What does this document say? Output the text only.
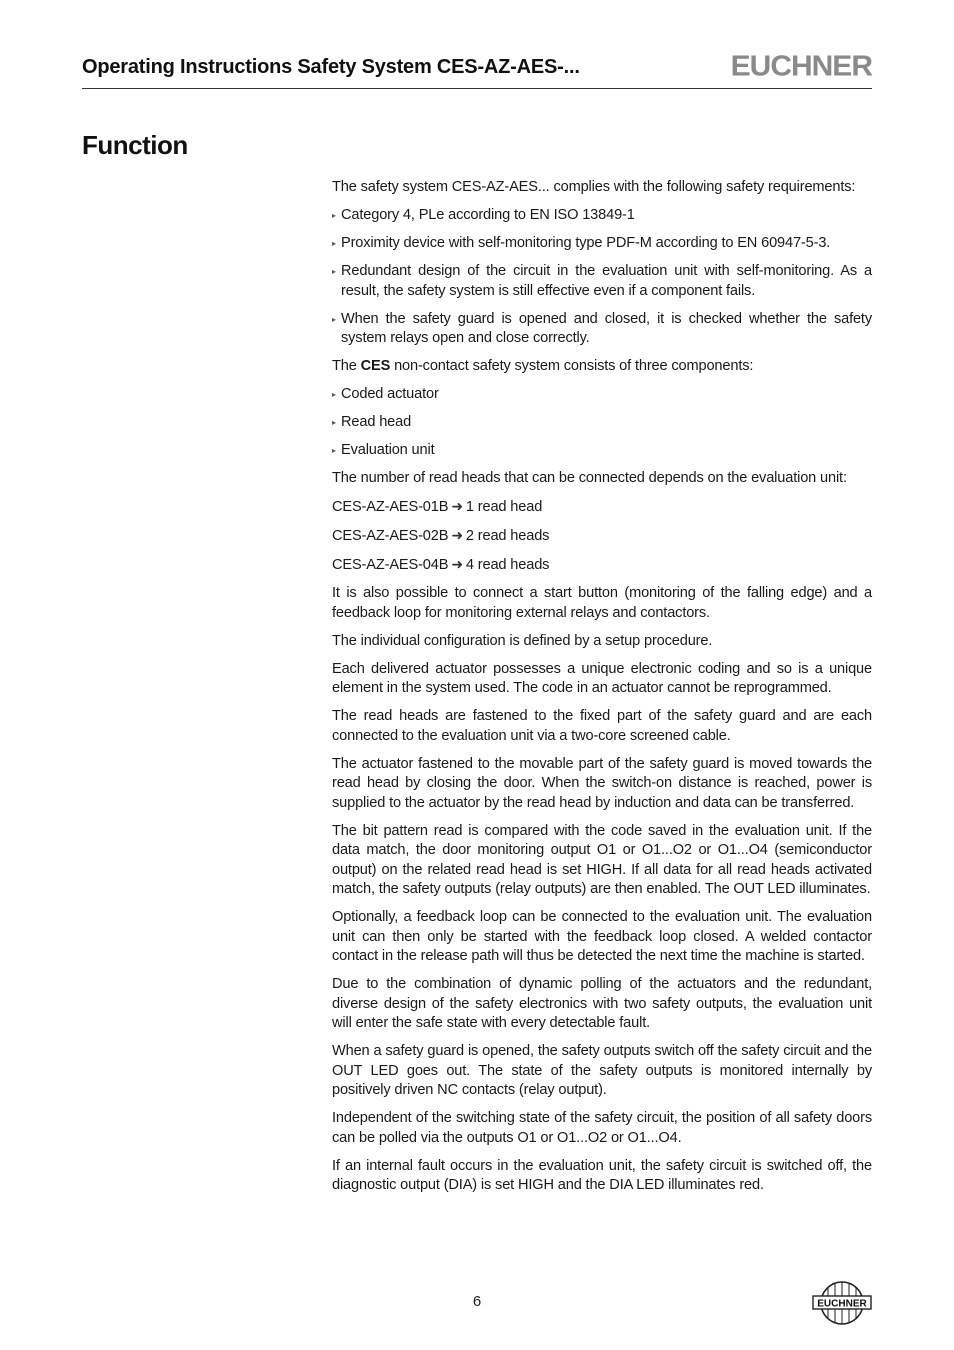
Operating Instructions Safety System CES-AZ-AES-...	EUCHNER
Function

The safety system CES-AZ-AES... complies with the following safety requirements:

▸ Category 4, PLe according to EN ISO 13849-1
▸ Proximity device with self-monitoring type PDF-M according to EN 60947-5-3.
▸ Redundant design of the circuit in the evaluation unit with self-monitoring. As a result, the safety system is still effective even if a component fails.
▸ When the safety guard is opened and closed, it is checked whether the safety system relays open and close correctly.

The CES non-contact safety system consists of three components:

▸ Coded actuator
▸ Read head
▸ Evaluation unit

The number of read heads that can be connected depends on the evaluation unit:

CES-AZ-AES-01B ➜ 1 read head
CES-AZ-AES-02B ➜ 2 read heads
CES-AZ-AES-04B ➜ 4 read heads

It is also possible to connect a start button (monitoring of the falling edge) and a feedback loop for monitoring external relays and contactors.

The individual configuration is defined by a setup procedure.

Each delivered actuator possesses a unique electronic coding and so is a unique element in the system used. The code in an actuator cannot be reprogrammed.

The read heads are fastened to the fixed part of the safety guard and are each connected to the evaluation unit via a two-core screened cable.

The actuator fastened to the movable part of the safety guard is moved towards the read head by closing the door. When the switch-on distance is reached, power is supplied to the actuator by the read head by induction and data can be transferred.

The bit pattern read is compared with the code saved in the evaluation unit. If the data match, the door monitoring output O1 or O1...O2 or O1...O4 (semiconductor output) on the related read head is set HIGH. If all data for all read heads activated match, the safety outputs (relay outputs) are then enabled. The OUT LED illuminates.

Optionally, a feedback loop can be connected to the evaluation unit. The evaluation unit can then only be started with the feedback loop closed. A welded contactor contact in the release path will thus be detected the next time the machine is started.

Due to the combination of dynamic polling of the actuators and the redundant, diverse design of the safety electronics with two safety outputs, the evaluation unit will enter the safe state with every detectable fault.

When a safety guard is opened, the safety outputs switch off the safety circuit and the OUT LED goes out. The state of the safety outputs is monitored internally by positively driven NC contacts (relay output).

Independent of the switching state of the safety circuit, the position of all safety doors can be polled via the outputs O1 or O1...O2 or O1...O4.

If an internal fault occurs in the evaluation unit, the safety circuit is switched off, the diagnostic output (DIA) is set HIGH and the DIA LED illuminates red.

6	EUCHNER
